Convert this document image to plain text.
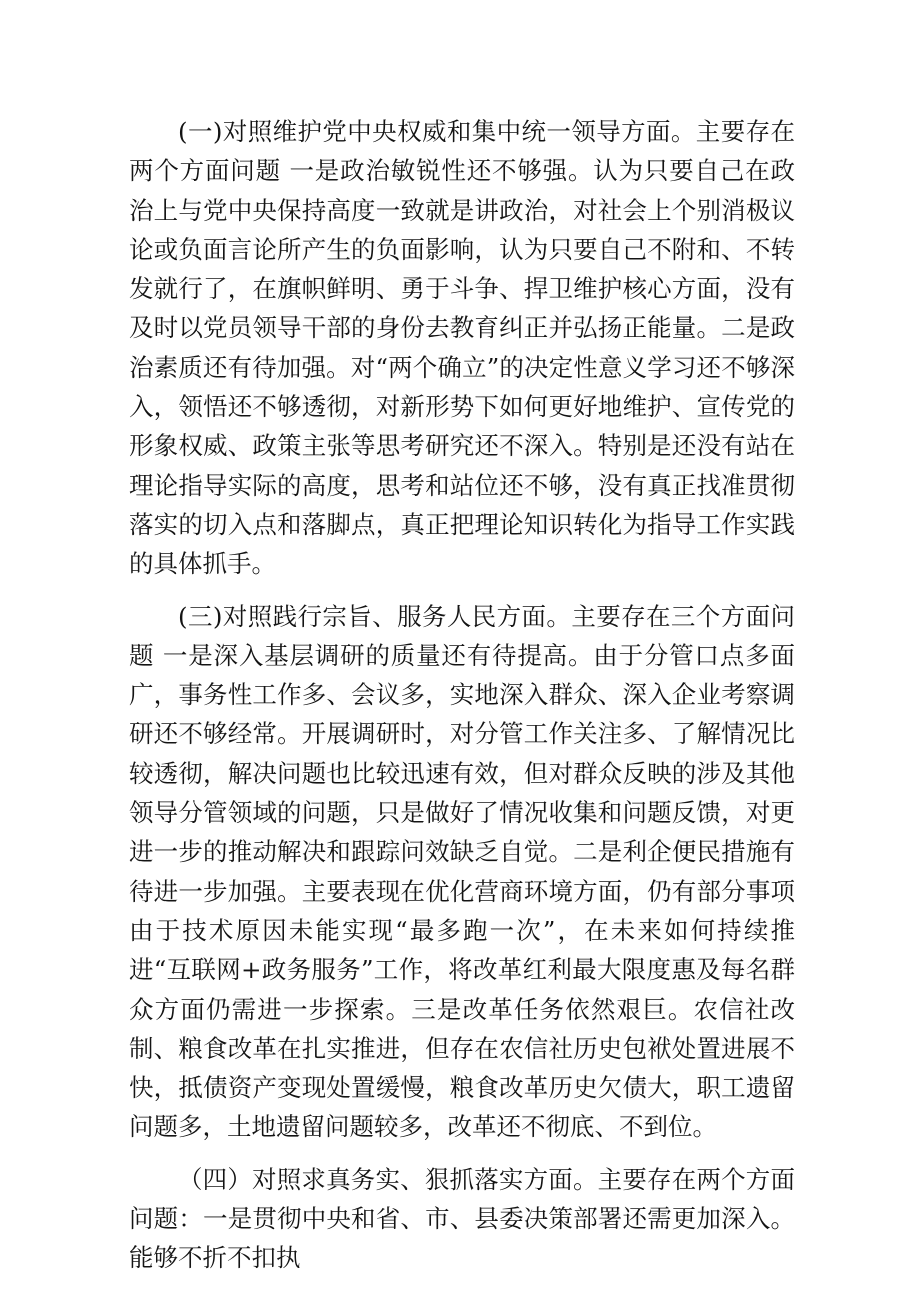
(一)对照维护党中央权威和集中统一领导方面。主要存在两个方面问题 一是政治敏锐性还不够强。认为只要自己在政治上与党中央保持高度一致就是讲政治，对社会上个别消极议论或负面言论所产生的负面影响，认为只要自己不附和、不转发就行了，在旗帜鲜明、勇于斗争、捍卫维护核心方面，没有及时以党员领导干部的身份去教育纠正并弘扬正能量。二是政治素质还有待加强。对“两个确立”的决定性意义学习还不够深入，领悟还不够透彻，对新形势下如何更好地维护、宣传党的形象权威、政策主张等思考研究还不深入。特别是还没有站在理论指导实际的高度，思考和站位还不够，没有真正找准贯彻落实的切入点和落脚点，真正把理论知识转化为指导工作实践的具体抓手。

(三)对照践行宗旨、服务人民方面。主要存在三个方面问题 一是深入基层调研的质量还有待提高。由于分管口点多面广，事务性工作多、会议多，实地深入群众、深入企业考察调研还不够经常。开展调研时，对分管工作关注多、了解情况比较透彻，解决问题也比较迅速有效，但对群众反映的涉及其他领导分管领域的问题，只是做好了情况收集和问题反馈，对更进一步的推动解决和跟踪问效缺乏自觉。二是利企便民措施有待进一步加强。主要表现在优化营商环境方面，仍有部分事项由于技术原因未能实现“最多跑一次”，在未来如何持续推进“互联网+政务服务”工作，将改革红利最大限度惠及每名群众方面仍需进一步探索。三是改革任务依然艰巨。农信社改制、粮食改革在扎实推进，但存在农信社历史包袱处置进展不快，抵债资产变现处置缓慢，粮食改革历史欠债大，职工遗留问题多，土地遗留问题较多，改革还不彻底、不到位。

（四）对照求真务实、狠抓落实方面。主要存在两个方面问题：一是贯彻中央和省、市、县委决策部署还需更加深入。能够不折不扣执
